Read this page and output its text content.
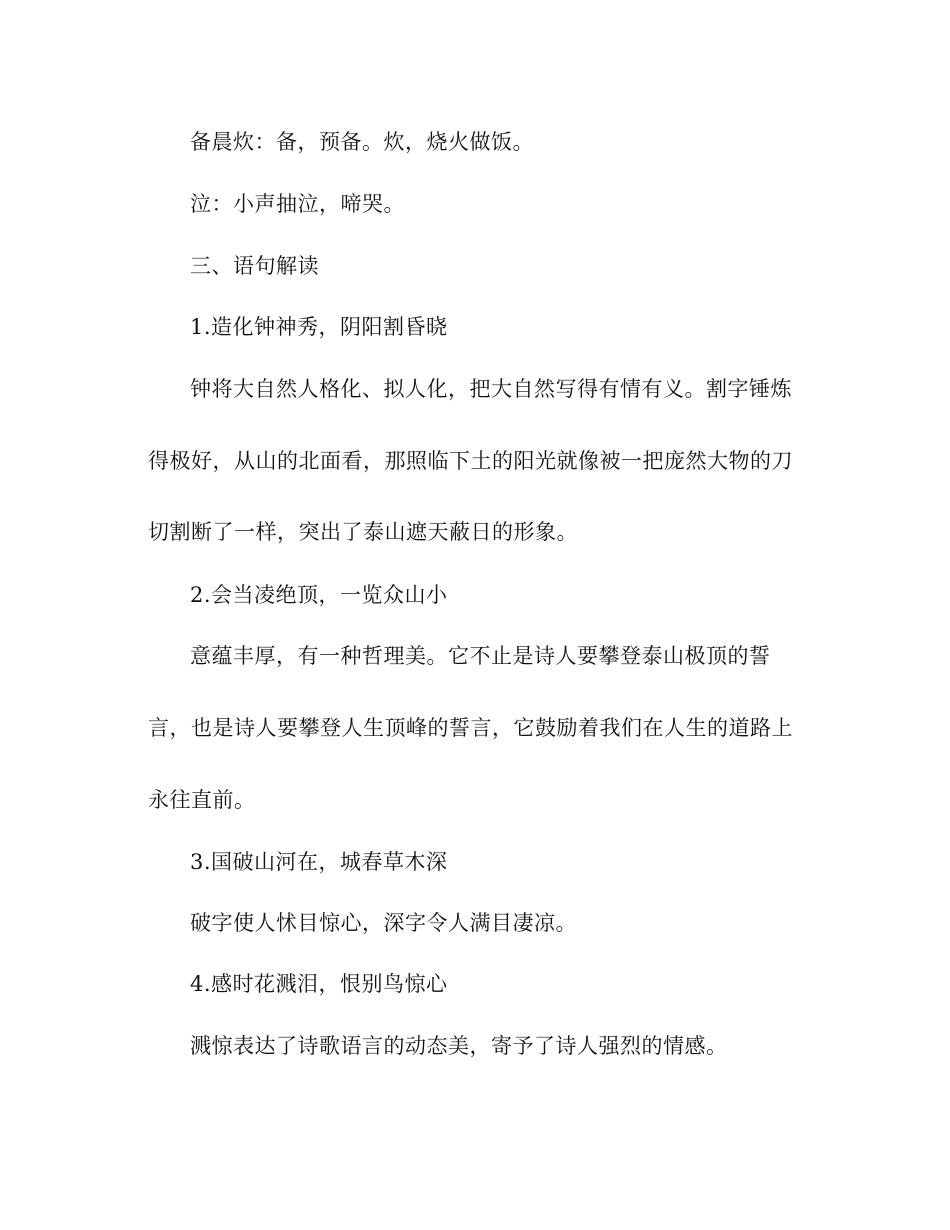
备晨炊：备，预备。炊，烧火做饭。
泣：小声抽泣，啼哭。
三、语句解读
1.造化钟神秀，阴阳割昏晓
钟将大自然人格化、拟人化，把大自然写得有情有义。割字锤炼
得极好，从山的北面看，那照临下土的阳光就像被一把庞然大物的刀
切割断了一样，突出了泰山遮天蔽日的形象。
2.会当凌绝顶，一览众山小
意蕴丰厚，有一种哲理美。它不止是诗人要攀登泰山极顶的誓
言，也是诗人要攀登人生顶峰的誓言，它鼓励着我们在人生的道路上
永往直前。
3.国破山河在，城春草木深
破字使人怵目惊心，深字令人满目凄凉。
4.感时花溅泪，恨别鸟惊心
溅惊表达了诗歌语言的动态美，寄予了诗人强烈的情感。
